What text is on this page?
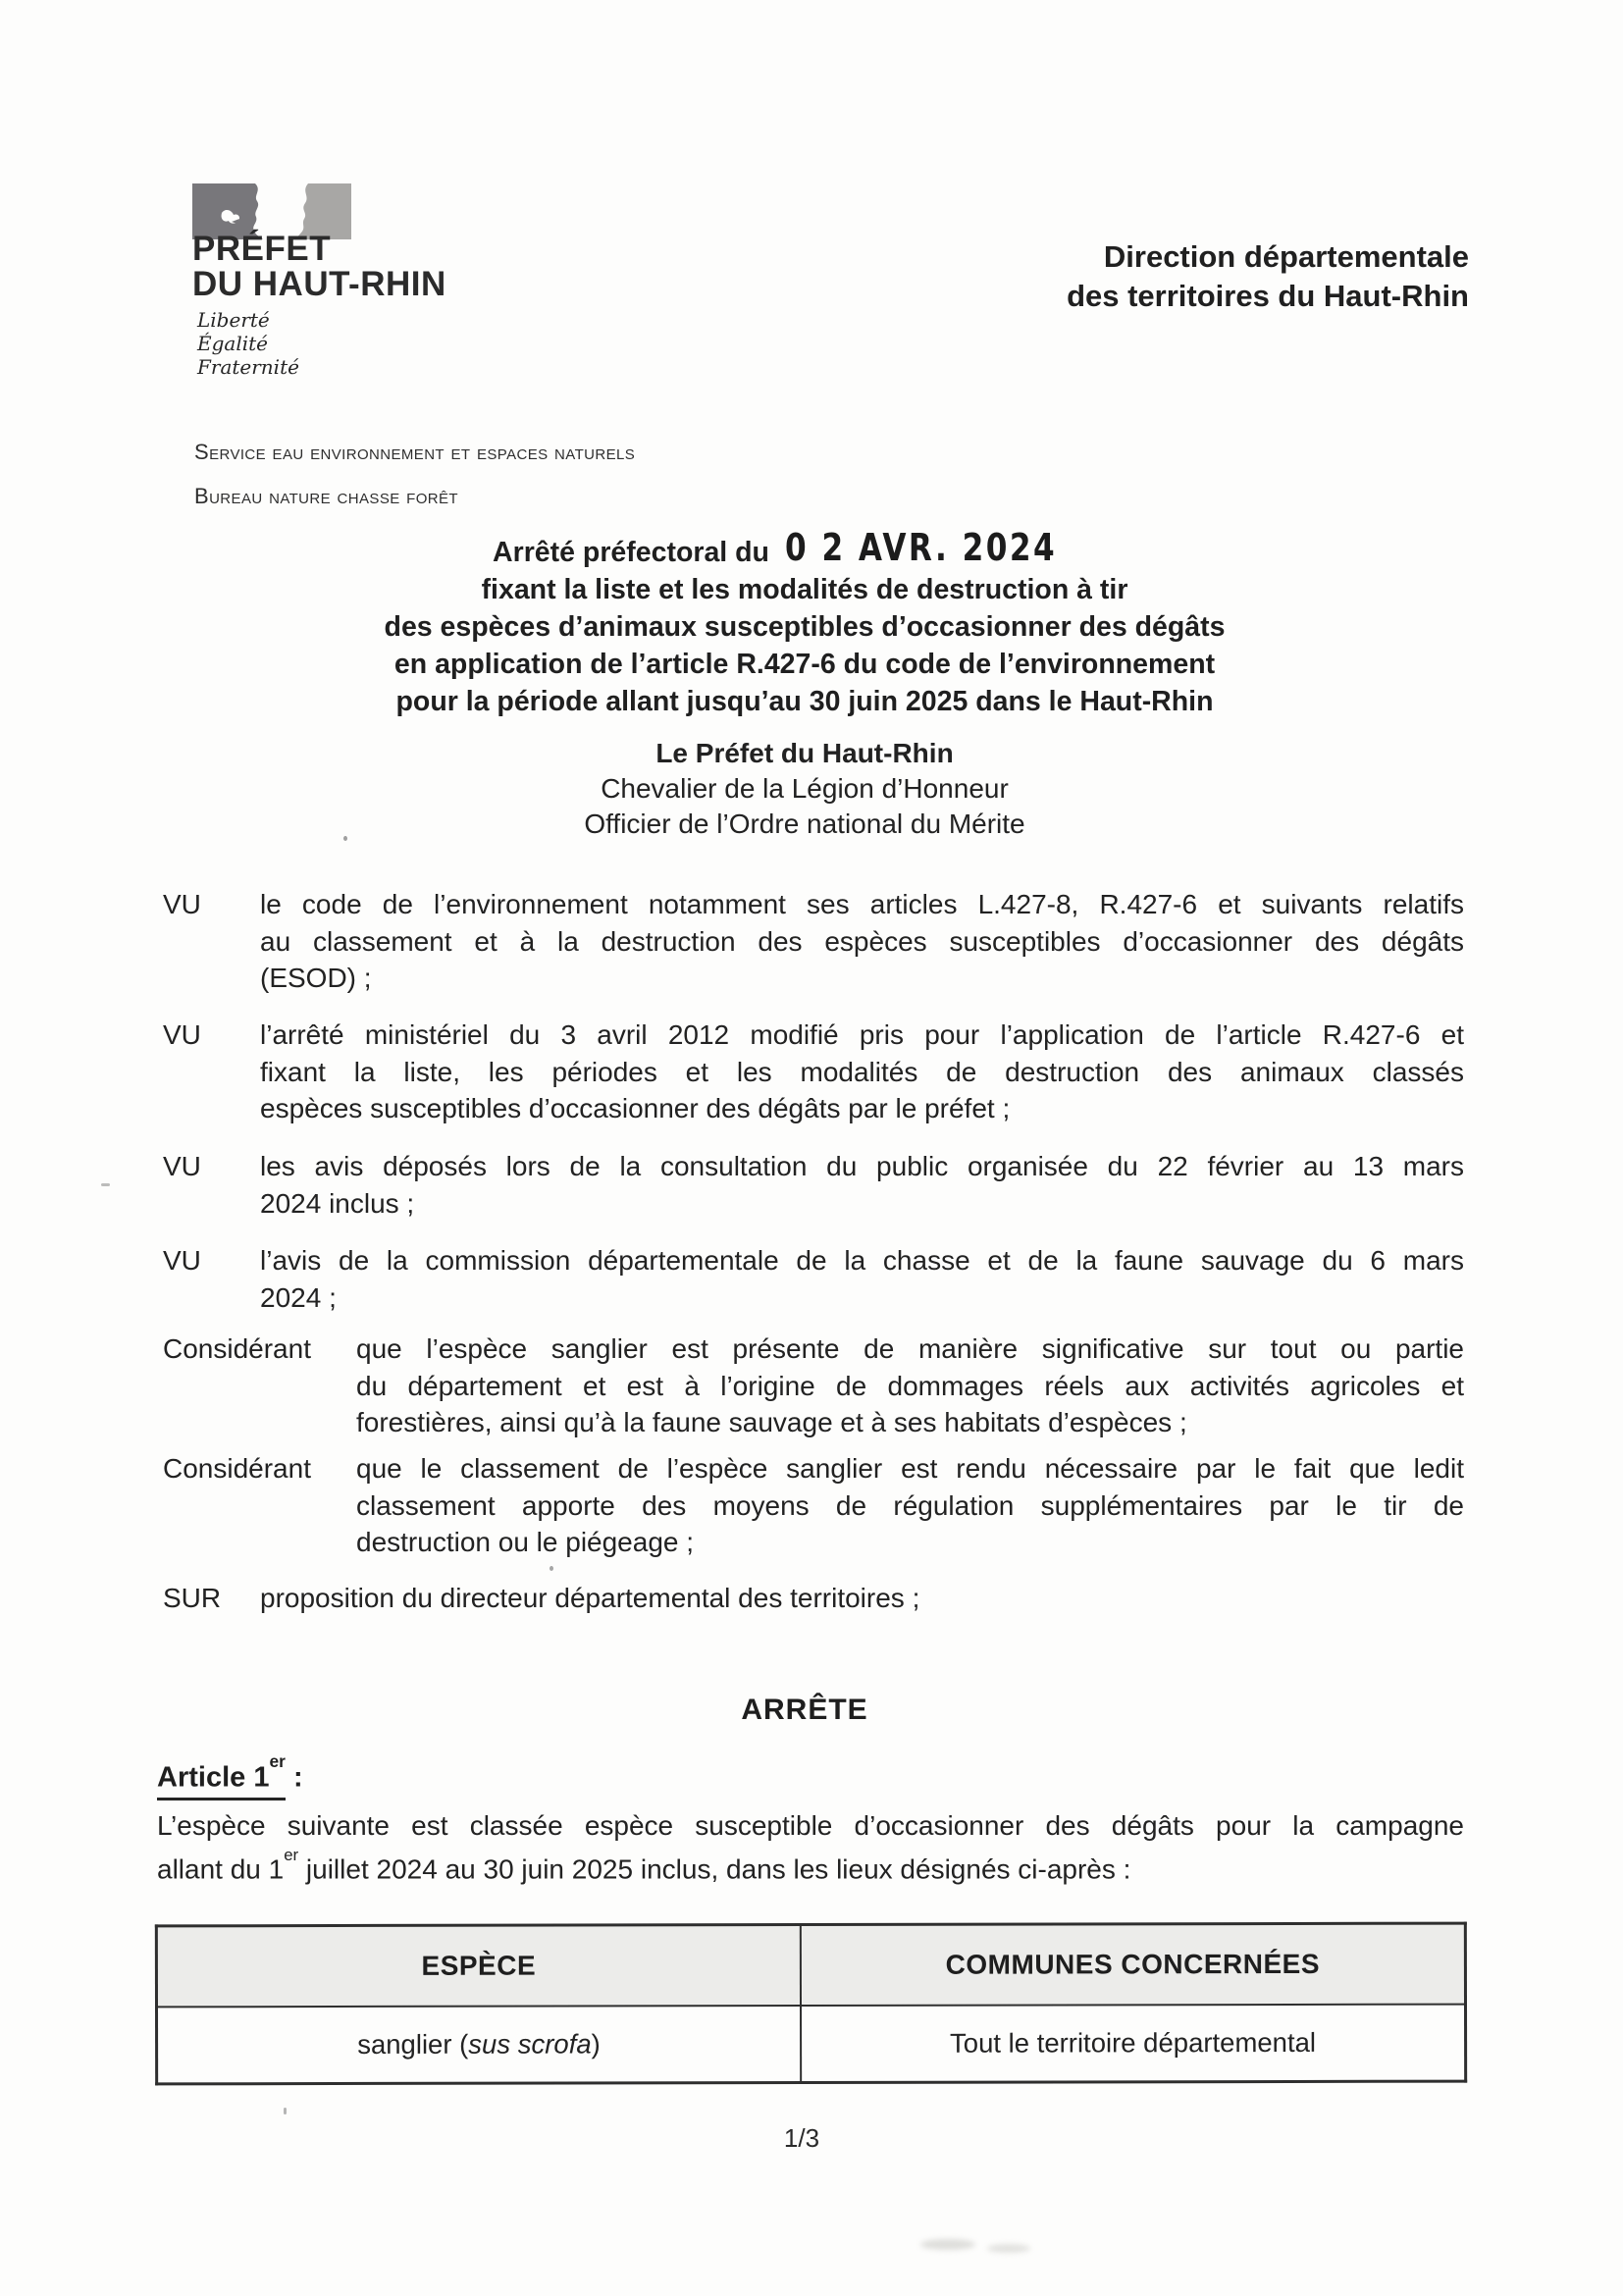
PRÉFET
DU HAUT-RHIN
Liberté
Égalité
Fraternité
Direction départementale
des territoires du Haut-Rhin
Service eau environnement et espaces naturels
Bureau nature chasse forêt
Arrêté préfectoral du 0 2 AVR. 2024
fixant la liste et les modalités de destruction à tir
des espèces d’animaux susceptibles d’occasionner des dégâts
en application de l’article R.427-6 du code de l’environnement
pour la période allant jusqu’au 30 juin 2025 dans le Haut-Rhin
Le Préfet du Haut-Rhin
Chevalier de la Légion d’Honneur
Officier de l’Ordre national du Mérite
VU	le code de l’environnement notamment ses articles L.427-8, R.427-6 et suivants relatifs
au classement et à la destruction des espèces susceptibles d’occasionner des dégâts
(ESOD) ;
VU	l’arrêté ministériel du 3 avril 2012 modifié pris pour l’application de l’article R.427-6 et
fixant la liste, les périodes et les modalités de destruction des animaux classés
espèces susceptibles d’occasionner des dégâts par le préfet ;
VU	les avis déposés lors de la consultation du public organisée du 22 février au 13 mars
2024 inclus ;
VU	l’avis de la commission départementale de la chasse et de la faune sauvage du 6 mars
2024 ;
Considérant	que l’espèce sanglier est présente de manière significative sur tout ou partie
du département et est à l’origine de dommages réels aux activités agricoles et
forestières, ainsi qu’à la faune sauvage et à ses habitats d’espèces ;
Considérant	que le classement de l’espèce sanglier est rendu nécessaire par le fait que ledit
classement apporte des moyens de régulation supplémentaires par le tir de
destruction ou le piégeage ;
SUR	proposition du directeur départemental des territoires ;
ARRÊTE
Article 1er :
L’espèce suivante est classée espèce susceptible d’occasionner des dégâts pour la campagne
allant du 1er juillet 2024 au 30 juin 2025 inclus, dans les lieux désignés ci-après :
ESPÈCE	COMMUNES CONCERNÉES
sanglier (sus scrofa)	Tout le territoire départemental
1/3
